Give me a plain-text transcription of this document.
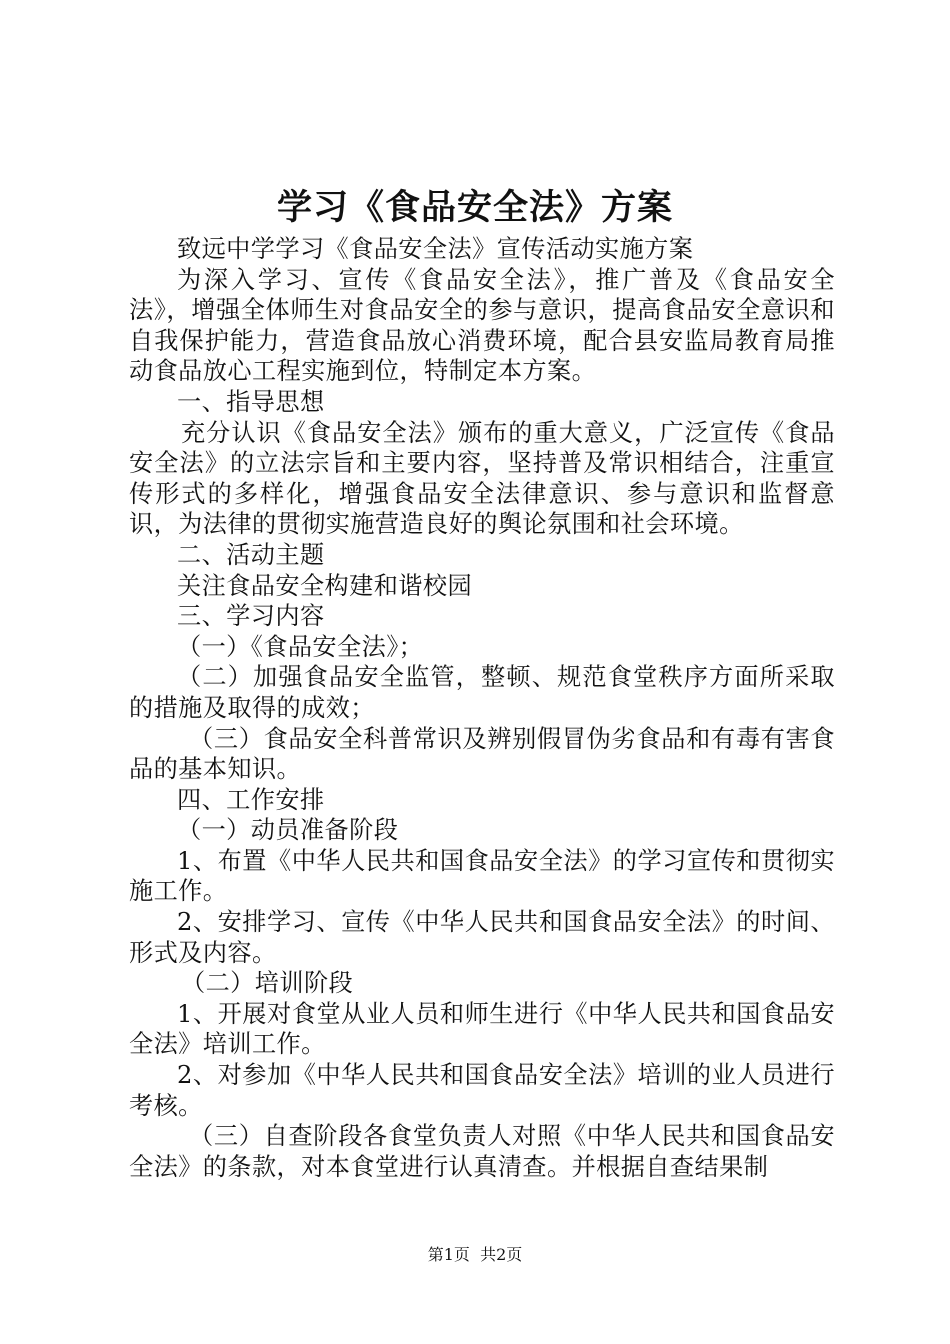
学习《食品安全法》方案

致远中学学习《食品安全法》宣传活动实施方案

为深入学习、宣传《食品安全法》，推广普及《食品安全法》，增强全体师生对食品安全的参与意识，提高食品安全意识和自我保护能力，营造食品放心消费环境，配合县安监局教育局推动食品放心工程实施到位，特制定本方案。

一、指导思想

充分认识《食品安全法》颁布的重大意义，广泛宣传《食品安全法》的立法宗旨和主要内容，坚持普及常识相结合，注重宣传形式的多样化，增强食品安全法律意识、参与意识和监督意识，为法律的贯彻实施营造良好的舆论氛围和社会环境。

二、活动主题

关注食品安全构建和谐校园

三、学习内容

（一）《食品安全法》；

（二）加强食品安全监管，整顿、规范食堂秩序方面所采取的措施及取得的成效；

（三）食品安全科普常识及辨别假冒伪劣食品和有毒有害食品的基本知识。

四、工作安排

（一）动员准备阶段

1、布置《中华人民共和国食品安全法》的学习宣传和贯彻实施工作。

2、安排学习、宣传《中华人民共和国食品安全法》的时间、形式及内容。

（二）培训阶段

1、开展对食堂从业人员和师生进行《中华人民共和国食品安全法》培训工作。

2、对参加《中华人民共和国食品安全法》培训的业人员进行考核。

（三）自查阶段各食堂负责人对照《中华人民共和国食品安全法》的条款，对本食堂进行认真清查。并根据自查结果制

第1页  共2页
